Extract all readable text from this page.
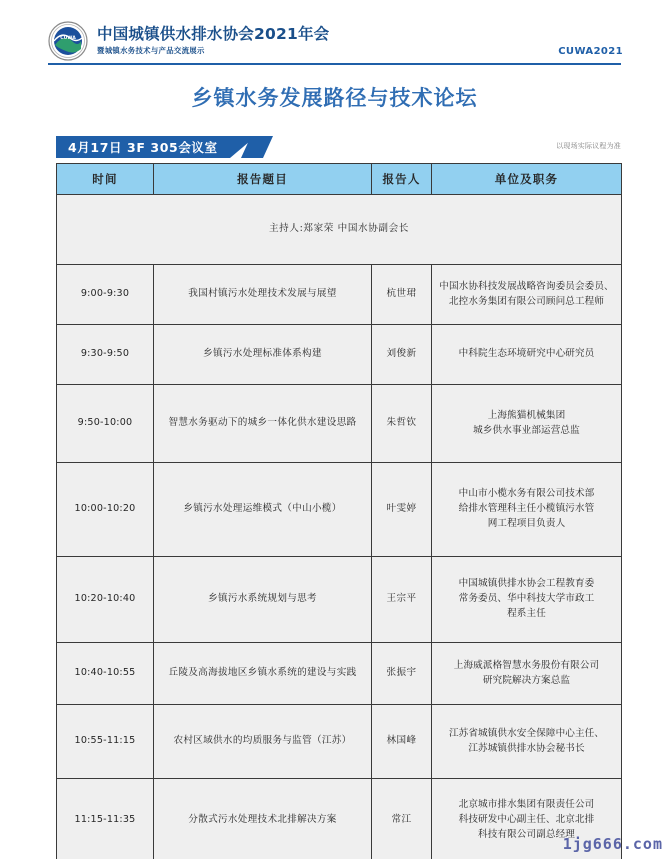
CUWA 中国城镇供水排水协会2021年会
暨城镇水务技术与产品交流展示	CUWA2021
乡镇水务发展路径与技术论坛
4月17日 3F 305会议室	以现场实际议程为准
时间	报告题目	报告人	单位及职务
主持人:郑家荣 中国水协副会长			
9:00-9:30	我国村镇污水处理技术发展与展望	杭世珺	中国水协科技发展战略咨询委员会委员、
北控水务集团有限公司顾问总工程师
9:30-9:50	乡镇污水处理标准体系构建	刘俊新	中科院生态环境研究中心研究员
9:50-10:00	智慧水务驱动下的城乡一体化供水建设思路	朱哲钦	上海熊猫机械集团
城乡供水事业部运营总监
10:00-10:20	乡镇污水处理运维模式（中山小榄）	叶雯婷	中山市小榄水务有限公司技术部
给排水管理科主任小榄镇污水管
网工程项目负责人
10:20-10:40	乡镇污水系统规划与思考	王宗平	中国城镇供排水协会工程教育委
常务委员、华中科技大学市政工
程系主任
10:40-10:55	丘陵及高海拔地区乡镇水系统的建设与实践	张振宇	上海威派格智慧水务股份有限公司
研究院解决方案总监
10:55-11:15	农村区域供水的均质服务与监管（江苏）	林国峰	江苏省城镇供水安全保障中心主任、
江苏城镇供排水协会秘书长
11:15-11:35	分散式污水处理技术北排解决方案	常江	北京城市排水集团有限责任公司
科技研发中心副主任、北京北排
科技有限公司副总经理
1jg666.com
